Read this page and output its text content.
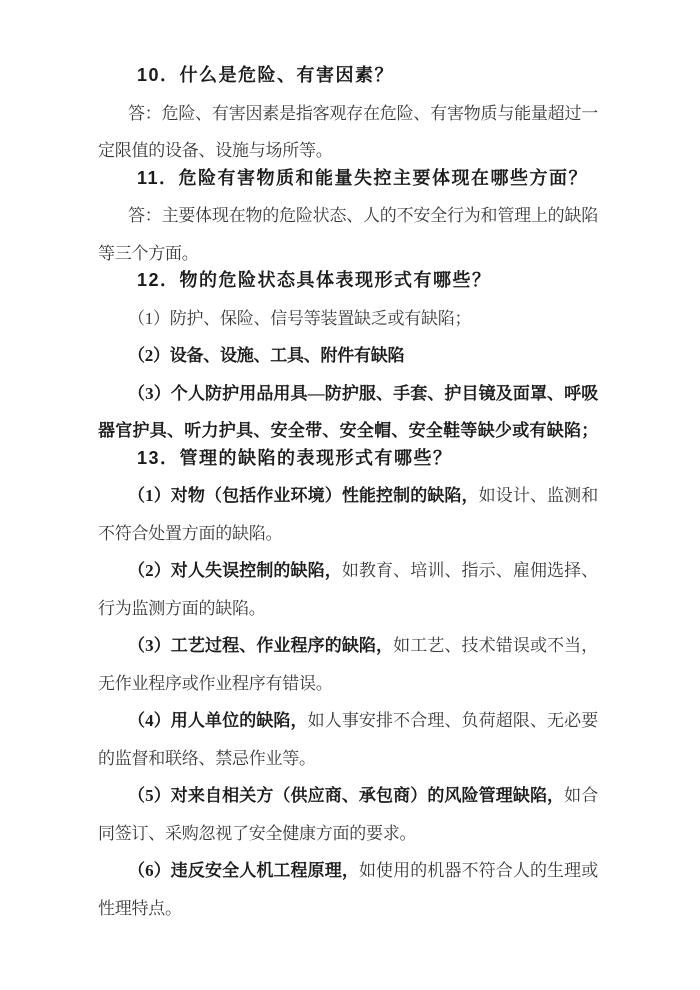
10．什么是危险、有害因素？
答：危险、有害因素是指客观存在危险、有害物质与能量超过一
定限值的设备、设施与场所等。
11．危险有害物质和能量失控主要体现在哪些方面？
答：主要体现在物的危险状态、人的不安全行为和管理上的缺陷
等三个方面。
12．物的危险状态具体表现形式有哪些？
（1）防护、保险、信号等装置缺乏或有缺陷；
（2）设备、设施、工具、附件有缺陷
（3）个人防护用品用具—防护服、手套、护目镜及面罩、呼吸
器官护具、听力护具、安全带、安全帽、安全鞋等缺少或有缺陷；
13．管理的缺陷的表现形式有哪些？
（1）对物（包括作业环境）性能控制的缺陷，如设计、监测和
不符合处置方面的缺陷。
（2）对人失误控制的缺陷，如教育、培训、指示、雇佣选择、
行为监测方面的缺陷。
（3）工艺过程、作业程序的缺陷，如工艺、技术错误或不当，
无作业程序或作业程序有错误。
（4）用人单位的缺陷，如人事安排不合理、负荷超限、无必要
的监督和联络、禁忌作业等。
（5）对来自相关方（供应商、承包商）的风险管理缺陷，如合
同签订、采购忽视了安全健康方面的要求。
（6）违反安全人机工程原理，如使用的机器不符合人的生理或
性理特点。
